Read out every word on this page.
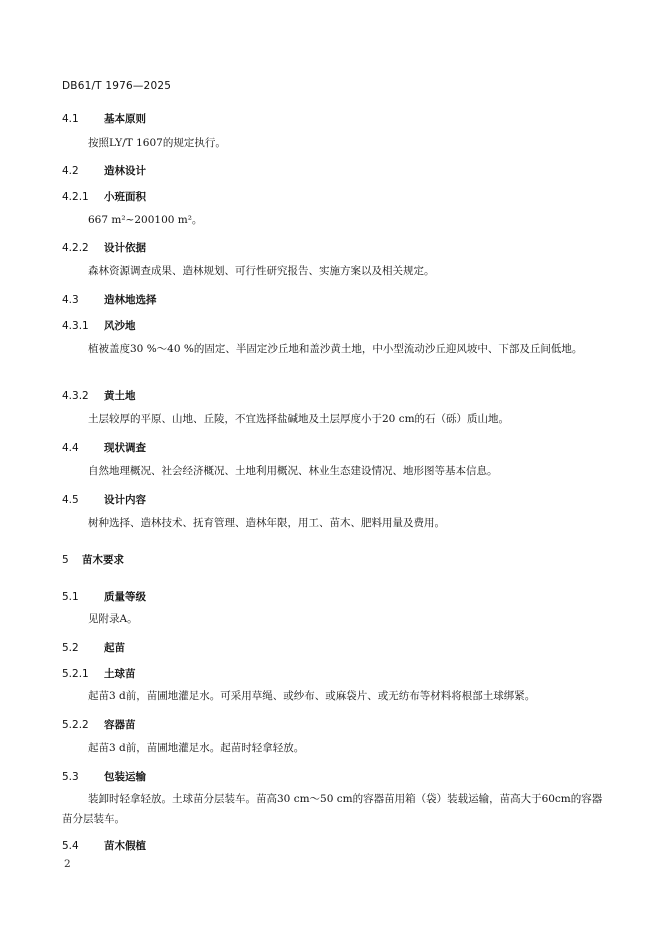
DB61/T 1976—2025
4.1 基本原则
按照LY/T 1607的规定执行。
4.2 造林设计
4.2.1 小班面积
667 m²~200100 m²。
4.2.2 设计依据
森林资源调查成果、造林规划、可行性研究报告、实施方案以及相关规定。
4.3 造林地选择
4.3.1 风沙地
植被盖度30 %～40 %的固定、半固定沙丘地和盖沙黄土地，中小型流动沙丘迎风坡中、下部及丘间低地。
4.3.2 黄土地
土层较厚的平原、山地、丘陵，不宜选择盐碱地及土层厚度小于20 cm的石（砾）质山地。
4.4 现状调查
自然地理概况、社会经济概况、土地利用概况、林业生态建设情况、地形图等基本信息。
4.5 设计内容
树种选择、造林技术、抚育管理、造林年限，用工、苗木、肥料用量及费用。
5 苗木要求
5.1 质量等级
见附录A。
5.2 起苗
5.2.1 土球苗
起苗3 d前，苗圃地灌足水。可采用草绳、或纱布、或麻袋片、或无纺布等材料将根部土球绑紧。
5.2.2 容器苗
起苗3 d前，苗圃地灌足水。起苗时轻拿轻放。
5.3 包装运输
装卸时轻拿轻放。土球苗分层装车。苗高30 cm～50 cm的容器苗用箱（袋）装载运输，苗高大于60cm的容器苗分层装车。
5.4 苗木假植
2
